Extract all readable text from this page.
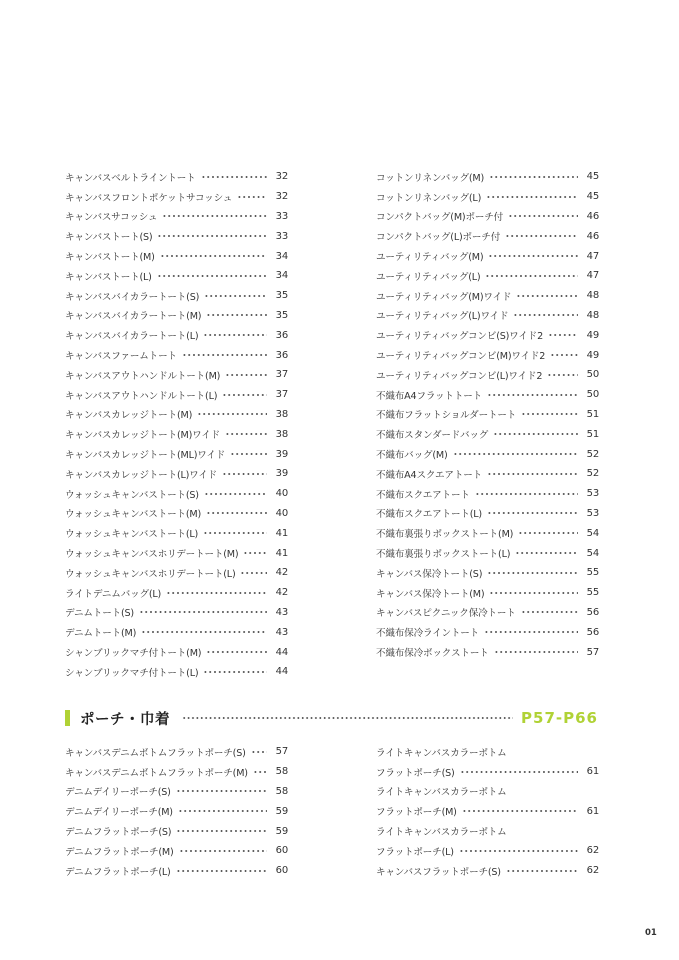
キャンバスベルトライントート	32
キャンバスフロントポケットサコッシュ	32
キャンバスサコッシュ	33
キャンバストート(S)	33
キャンバストート(M)	34
キャンバストート(L)	34
キャンバスバイカラートート(S)	35
キャンバスバイカラートート(M)	35
キャンバスバイカラートート(L)	36
キャンバスファームトート	36
キャンバスアウトハンドルトート(M)	37
キャンバスアウトハンドルトート(L)	37
キャンバスカレッジトート(M)	38
キャンバスカレッジトート(M)ワイド	38
キャンバスカレッジトート(ML)ワイド	39
キャンバスカレッジトート(L)ワイド	39
ウォッシュキャンバストート(S)	40
ウォッシュキャンバストート(M)	40
ウォッシュキャンバストート(L)	41
ウォッシュキャンバスホリデートート(M)	41
ウォッシュキャンバスホリデートート(L)	42
ライトデニムバッグ(L)	42
デニムトート(S)	43
デニムトート(M)	43
シャンブリックマチ付トート(M)	44
シャンブリックマチ付トート(L)	44
コットンリネンバッグ(M)	45
コットンリネンバッグ(L)	45
コンパクトバッグ(M)ポーチ付	46
コンパクトバッグ(L)ポーチ付	46
ユーティリティバッグ(M)	47
ユーティリティバッグ(L)	47
ユーティリティバッグ(M)ワイド	48
ユーティリティバッグ(L)ワイド	48
ユーティリティバッグコンビ(S)ワイド2	49
ユーティリティバッグコンビ(M)ワイド2	49
ユーティリティバッグコンビ(L)ワイド2	50
不織布A4フラットトート	50
不織布フラットショルダートート	51
不織布スタンダードバッグ	51
不織布バッグ(M)	52
不織布A4スクエアトート	52
不織布スクエアトート	53
不織布スクエアトート(L)	53
不織布裏張りボックストート(M)	54
不織布裏張りボックストート(L)	54
キャンバス保冷トート(S)	55
キャンバス保冷トート(M)	55
キャンバスピクニック保冷トート	56
不織布保冷ライントート	56
不織布保冷ボックストート	57
ポーチ・巾着	P57-P66
キャンバスデニムボトムフラットポーチ(S)	57
キャンバスデニムボトムフラットポーチ(M)	58
デニムデイリーポーチ(S)	58
デニムデイリーポーチ(M)	59
デニムフラットポーチ(S)	59
デニムフラットポーチ(M)	60
デニムフラットポーチ(L)	60
ライトキャンバスカラーボトム
フラットポーチ(S)	61
ライトキャンバスカラーボトム
フラットポーチ(M)	61
ライトキャンバスカラーボトム
フラットポーチ(L)	62
キャンバスフラットポーチ(S)	62
01
